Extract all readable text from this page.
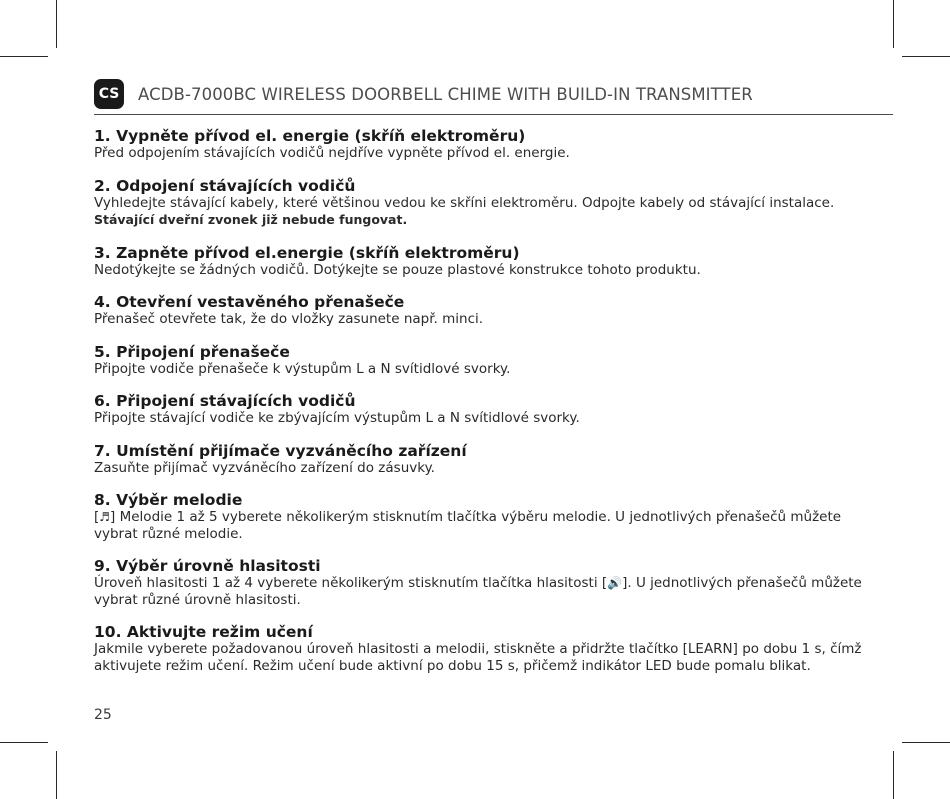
CS ACDB-7000BC WIRELESS DOORBELL CHIME WITH BUILD-IN TRANSMITTER
1. Vypněte přívod el. energie (skříň elektroměru)

Před odpojením stávajících vodičů nejdříve vypněte přívod el. energie.

2. Odpojení stávajících vodičů

Vyhledejte stávající kabely, které většinou vedou ke skříni elektroměru. Odpojte kabely od stávající instalace.

Stávající dveřní zvonek již nebude fungovat.

3. Zapněte přívod el.energie (skříň elektroměru)

Nedotýkejte se žádných vodičů. Dotýkejte se pouze plastové konstrukce tohoto produktu.

4. Otevření vestavěného přenašeče

Přenašeč otevřete tak, že do vložky zasunete např. minci.

5. Připojení přenašeče

Připojte vodiče přenašeče k výstupům L a N svítidlové svorky.

6. Připojení stávajících vodičů

Připojte stávající vodiče ke zbývajícím výstupům L a N svítidlové svorky.

7. Umístění přijímače vyzváněcího zařízení

Zasuňte přijímač vyzváněcího zařízení do zásuvky.

8. Výběr melodie

[♬] Melodie 1 až 5 vyberete několikerým stisknutím tlačítka výběru melodie. U jednotlivých přenašečů můžete vybrat různé melodie.

9. Výběr úrovně hlasitosti

Úroveň hlasitosti 1 až 4 vyberete několikerým stisknutím tlačítka hlasitosti [🔊]. U jednotlivých přenašečů můžete vybrat různé úrovně hlasitosti.

10. Aktivujte režim učení

Jakmile vyberete požadovanou úroveň hlasitosti a melodii, stiskněte a přidržte tlačítko [LEARN] po dobu 1 s, čímž aktivujete režim učení. Režim učení bude aktivní po dobu 15 s, přičemž indikátor LED bude pomalu blikat.

25
